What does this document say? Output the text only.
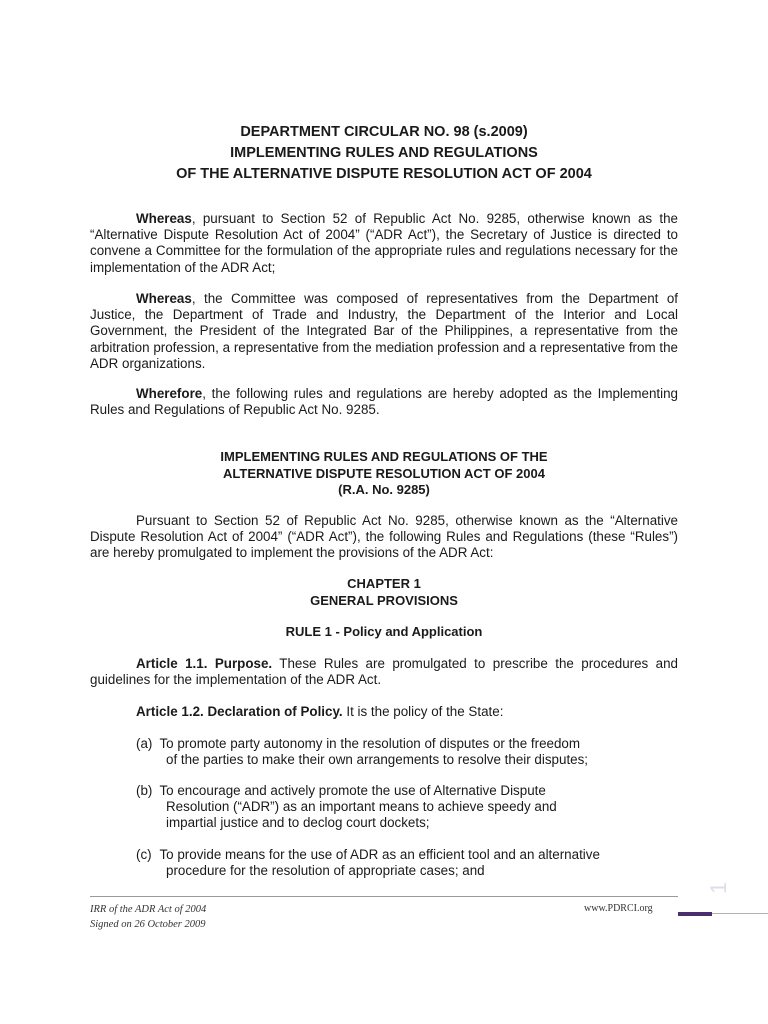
DEPARTMENT CIRCULAR NO. 98 (s.2009)
IMPLEMENTING RULES AND REGULATIONS
OF THE ALTERNATIVE DISPUTE RESOLUTION ACT OF 2004
Whereas, pursuant to Section 52 of Republic Act No. 9285, otherwise known as the “Alternative Dispute Resolution Act of 2004” (“ADR Act”), the Secretary of Justice is directed to convene a Committee for the formulation of the appropriate rules and regulations necessary for the implementation of the ADR Act;
Whereas, the Committee was composed of representatives from the Department of Justice, the Department of Trade and Industry, the Department of the Interior and Local Government, the President of the Integrated Bar of the Philippines, a representative from the arbitration profession, a representative from the mediation profession and a representative from the ADR organizations.
Wherefore, the following rules and regulations are hereby adopted as the Implementing Rules and Regulations of Republic Act No. 9285.
IMPLEMENTING RULES AND REGULATIONS OF THE
ALTERNATIVE DISPUTE RESOLUTION ACT OF 2004
(R.A. No. 9285)
Pursuant to Section 52 of Republic Act No. 9285, otherwise known as the “Alternative Dispute Resolution Act of 2004” (“ADR Act”), the following Rules and Regulations (these “Rules”) are hereby promulgated to implement the provisions of the ADR Act:
CHAPTER 1
GENERAL PROVISIONS
RULE 1 - Policy and Application
Article 1.1. Purpose. These Rules are promulgated to prescribe the procedures and guidelines for the implementation of the ADR Act.
Article 1.2. Declaration of Policy. It is the policy of the State:
(a) To promote party autonomy in the resolution of disputes or the freedom
of the parties to make their own arrangements to resolve their disputes;
(b) To encourage and actively promote the use of Alternative Dispute
Resolution (“ADR”) as an important means to achieve speedy and
impartial justice and to declog court dockets;
(c) To provide means for the use of ADR as an efficient tool and an alternative
procedure for the resolution of appropriate cases; and
IRR of the ADR Act of 2004
Signed on 26 October 2009
www.PDRCI.org
1
